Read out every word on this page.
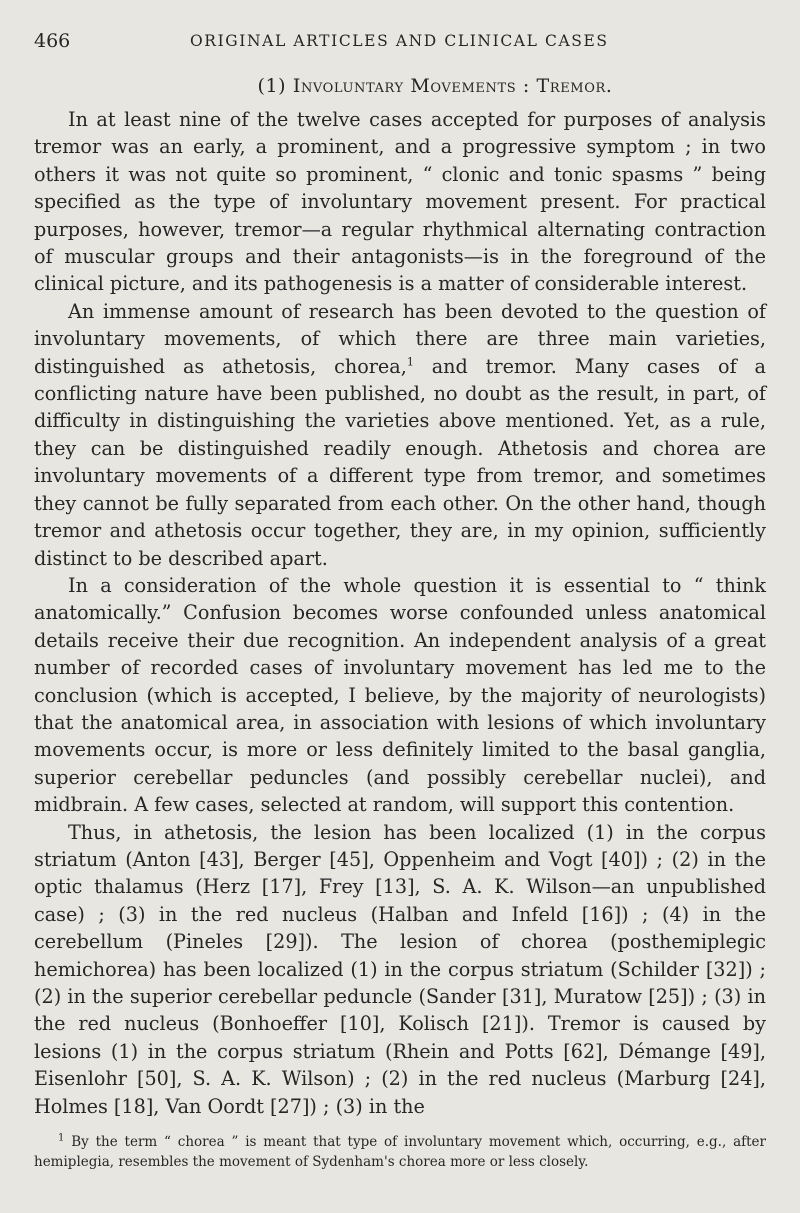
466	ORIGINAL ARTICLES AND CLINICAL CASES
(1) Involuntary Movements : Tremor.

In at least nine of the twelve cases accepted for purposes of analysis tremor was an early, a prominent, and a progressive symptom ; in two others it was not quite so prominent, “ clonic and tonic spasms ” being specified as the type of involuntary movement present. For practical purposes, however, tremor—a regular rhythmical alternating contraction of muscular groups and their antagonists—is in the foreground of the clinical picture, and its pathogenesis is a matter of considerable interest.

An immense amount of research has been devoted to the question of involuntary movements, of which there are three main varieties, distinguished as athetosis, chorea,$^1$ and tremor. Many cases of a conflicting nature have been published, no doubt as the result, in part, of difficulty in distinguishing the varieties above mentioned. Yet, as a rule, they can be distinguished readily enough. Athetosis and chorea are involuntary movements of a different type from tremor, and sometimes they cannot be fully separated from each other. On the other hand, though tremor and athetosis occur together, they are, in my opinion, sufficiently distinct to be described apart.

In a consideration of the whole question it is essential to “ think anatomically.” Confusion becomes worse confounded unless anatomical details receive their due recognition. An independent analysis of a great number of recorded cases of involuntary movement has led me to the conclusion (which is accepted, I believe, by the majority of neurologists) that the anatomical area, in association with lesions of which involuntary movements occur, is more or less definitely limited to the basal ganglia, superior cerebellar peduncles (and possibly cerebellar nuclei), and midbrain. A few cases, selected at random, will support this contention.

Thus, in athetosis, the lesion has been localized (1) in the corpus striatum (Anton [43], Berger [45], Oppenheim and Vogt [40]) ; (2) in the optic thalamus (Herz [17], Frey [13], S. A. K. Wilson—an unpublished case) ; (3) in the red nucleus (Halban and Infeld [16]) ; (4) in the cerebellum (Pineles [29]). The lesion of chorea (posthemiplegic hemichorea) has been localized (1) in the corpus striatum (Schilder [32]) ; (2) in the superior cerebellar peduncle (Sander [31], Muratow [25]) ; (3) in the red nucleus (Bonhoeffer [10], Kolisch [21]). Tremor is caused by lesions (1) in the corpus striatum (Rhein and Potts [62], Démange [49], Eisenlohr [50], S. A. K. Wilson) ; (2) in the red nucleus (Marburg [24], Holmes [18], Van Oordt [27]) ; (3) in the

$^1$ By the term “ chorea ” is meant that type of involuntary movement which, occurring, e.g., after hemiplegia, resembles the movement of Sydenham's chorea more or less closely.
